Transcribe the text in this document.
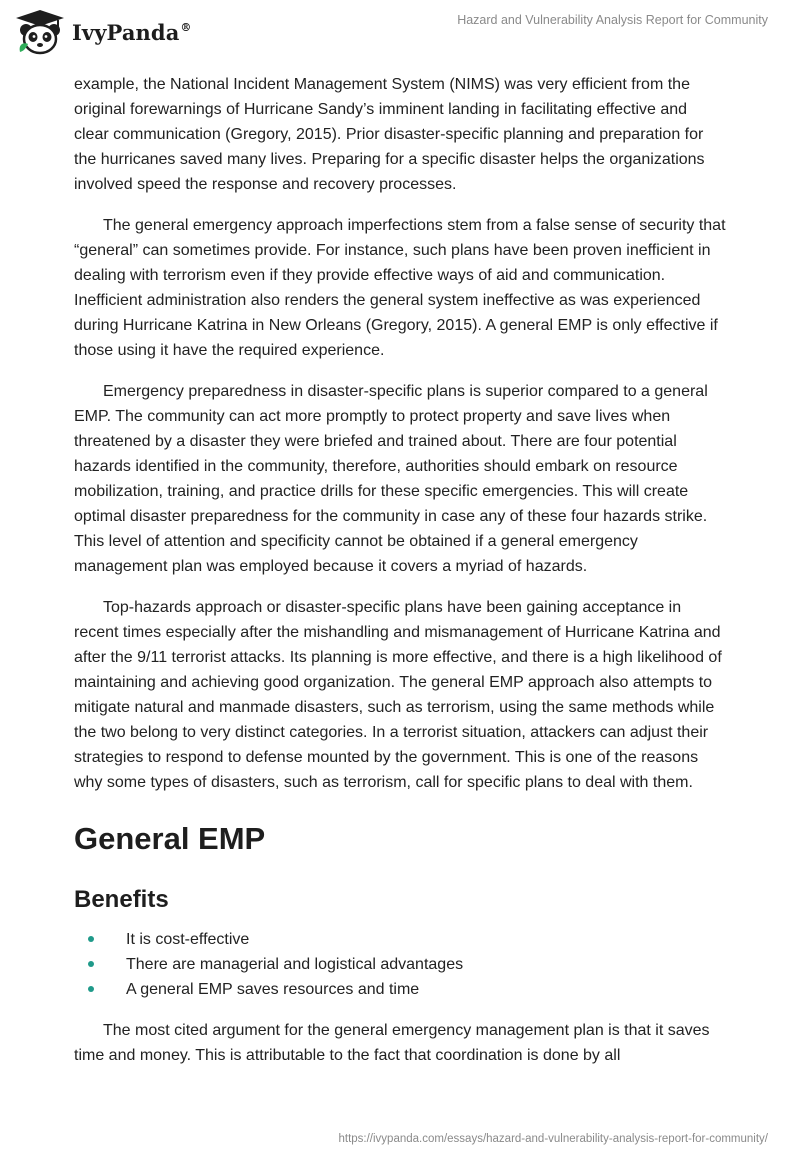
IvyPanda®	Hazard and Vulnerability Analysis Report for Community

example, the National Incident Management System (NIMS) was very efficient from the original forewarnings of Hurricane Sandy’s imminent landing in facilitating effective and clear communication (Gregory, 2015). Prior disaster-specific planning and preparation for the hurricanes saved many lives. Preparing for a specific disaster helps the organizations involved speed the response and recovery processes.

The general emergency approach imperfections stem from a false sense of security that “general” can sometimes provide. For instance, such plans have been proven inefficient in dealing with terrorism even if they provide effective ways of aid and communication. Inefficient administration also renders the general system ineffective as was experienced during Hurricane Katrina in New Orleans (Gregory, 2015). A general EMP is only effective if those using it have the required experience.

Emergency preparedness in disaster-specific plans is superior compared to a general EMP. The community can act more promptly to protect property and save lives when threatened by a disaster they were briefed and trained about. There are four potential hazards identified in the community, therefore, authorities should embark on resource mobilization, training, and practice drills for these specific emergencies. This will create optimal disaster preparedness for the community in case any of these four hazards strike. This level of attention and specificity cannot be obtained if a general emergency management plan was employed because it covers a myriad of hazards.

Top-hazards approach or disaster-specific plans have been gaining acceptance in recent times especially after the mishandling and mismanagement of Hurricane Katrina and after the 9/11 terrorist attacks. Its planning is more effective, and there is a high likelihood of maintaining and achieving good organization. The general EMP approach also attempts to mitigate natural and manmade disasters, such as terrorism, using the same methods while the two belong to very distinct categories. In a terrorist situation, attackers can adjust their strategies to respond to defense mounted by the government. This is one of the reasons why some types of disasters, such as terrorism, call for specific plans to deal with them.

General EMP
Benefits
It is cost-effective
There are managerial and logistical advantages
A general EMP saves resources and time

The most cited argument for the general emergency management plan is that it saves time and money. This is attributable to the fact that coordination is done by all

https://ivypanda.com/essays/hazard-and-vulnerability-analysis-report-for-community/
